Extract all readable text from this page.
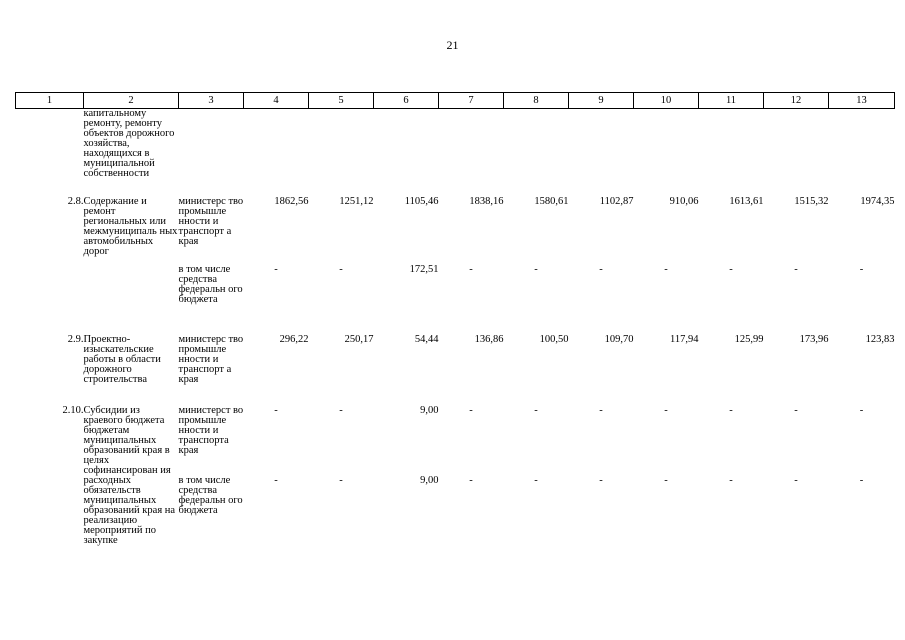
21
1	2	3	4	5	6	7	8	9	10	11	12	13
	капитальному ремонту, ремонту объектов дорожного хозяйства, находящихся в муниципальной собственности											
2.8.	Содержание и ремонт региональных или межмуниципаль ных автомобильных дорог	министерс тво промышле нности и транспорт а края	1862,56	1251,12	1105,46	1838,16	1580,61	1102,87	910,06	1613,61	1515,32	1974,35
		в том числе средства федеральн ого бюджета	-	-	172,51	-	-	-	-	-	-	-
2.9.	Проектно-изыскательские работы в области дорожного строительства	министерс тво промышле нности и транспорт а края	296,22	250,17	54,44	136,86	100,50	109,70	117,94	125,99	173,96	123,83
2.10.	Субсидии из краевого бюджета бюджетам муниципальных образований края в целях софинансирован ия расходных обязательств муниципальных образований края на реализацию мероприятий по закупке	министерст во промышле нности и транспорта края	-	-	9,00	-	-	-	-	-	-	-
		в том числе средства федеральн ого бюджета	-	-	9,00	-	-	-	-	-	-	-
